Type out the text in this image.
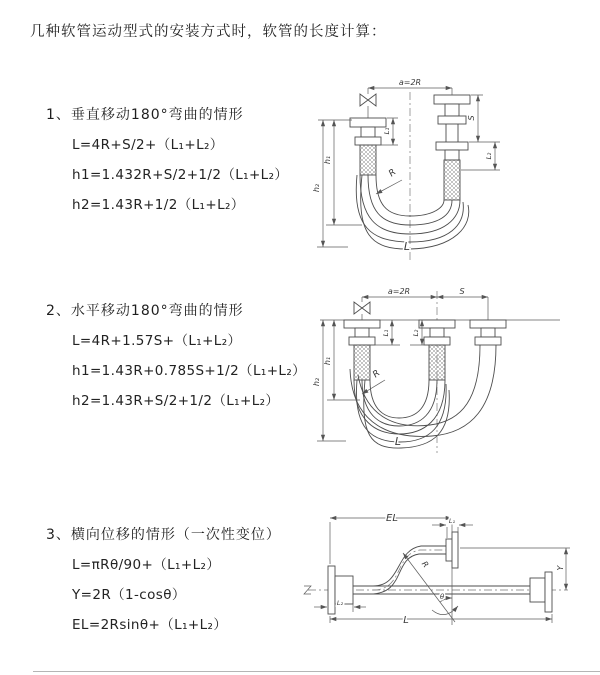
几种软管运动型式的安装方式时，软管的长度计算：
1、垂直移动180°弯曲的情形
L=4R+S/2+（L₁+L₂）
h1=1.432R+S/2+1/2（L₁+L₂）
h2=1.43R+1/2（L₁+L₂）
a=2R
h₁
h₂
L₁
S
L₂
R
L
2、水平移动180°弯曲的情形
L=4R+1.57S+（L₁+L₂）
h1=1.43R+0.785S+1/2（L₁+L₂）
h2=1.43R+S/2+1/2（L₁+L₂）
a=2R	S
h₁
h₂
L₁	L₂
R
L
3、横向位移的情形（一次性变位）
L=πRθ/90+（L₁+L₂）
Y=2R（1-cosθ）
EL=2Rsinθ+（L₁+L₂）
EL	L₁
Y
R
θ
L₂
L
